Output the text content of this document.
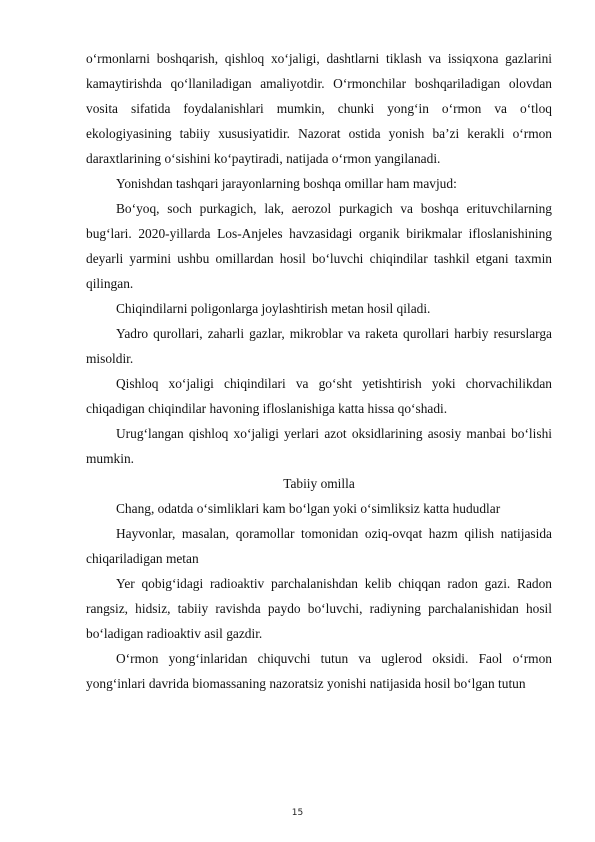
o‘rmonlarni boshqarish, qishloq xo‘jaligi, dashtlarni tiklash va issiqxona gazlarini kamaytirishda qo‘llaniladigan amaliyotdir. O‘rmonchilar boshqariladigan olovdan vosita sifatida foydalanishlari mumkin, chunki yong‘in o‘rmon va o‘tloq ekologiyasining tabiiy xususiyatidir. Nazorat ostida yonish ba’zi kerakli o‘rmon daraxtlarining o‘sishini ko‘paytiradi, natijada o‘rmon yangilanadi.

Yonishdan tashqari jarayonlarning boshqa omillar ham mavjud:

Bo‘yoq, soch purkagich, lak, aerozol purkagich va boshqa erituvchilarning bug‘lari. 2020-yillarda Los-Anjeles havzasidagi organik birikmalar ifloslanishining deyarli yarmini ushbu omillardan hosil bo‘luvchi chiqindilar tashkil etgani taxmin qilingan.

Chiqindilarni poligonlarga joylashtirish metan hosil qiladi.

Yadro qurollari, zaharli gazlar, mikroblar va raketa qurollari harbiy resurslarga misoldir.

Qishloq xo‘jaligi chiqindilari va go‘sht yetishtirish yoki chorvachilikdan chiqadigan chiqindilar havoning ifloslanishiga katta hissa qo‘shadi.

Urug‘langan qishloq xo‘jaligi yerlari azot oksidlarining asosiy manbai bo‘lishi mumkin.

Tabiiy omilla

Chang, odatda o‘simliklari kam bo‘lgan yoki o‘simliksiz katta hududlar

Hayvonlar, masalan, qoramollar tomonidan oziq-ovqat hazm qilish natijasida chiqariladigan metan

Yer qobig‘idagi radioaktiv parchalanishdan kelib chiqqan radon gazi. Radon rangsiz, hidsiz, tabiiy ravishda paydo bo‘luvchi, radiyning parchalanishidan hosil bo‘ladigan radioaktiv asil gazdir.

O‘rmon yong‘inlaridan chiquvchi tutun va uglerod oksidi. Faol o‘rmon yong‘inlari davrida biomassaning nazoratsiz yonishi natijasida hosil bo‘lgan tutun

15
